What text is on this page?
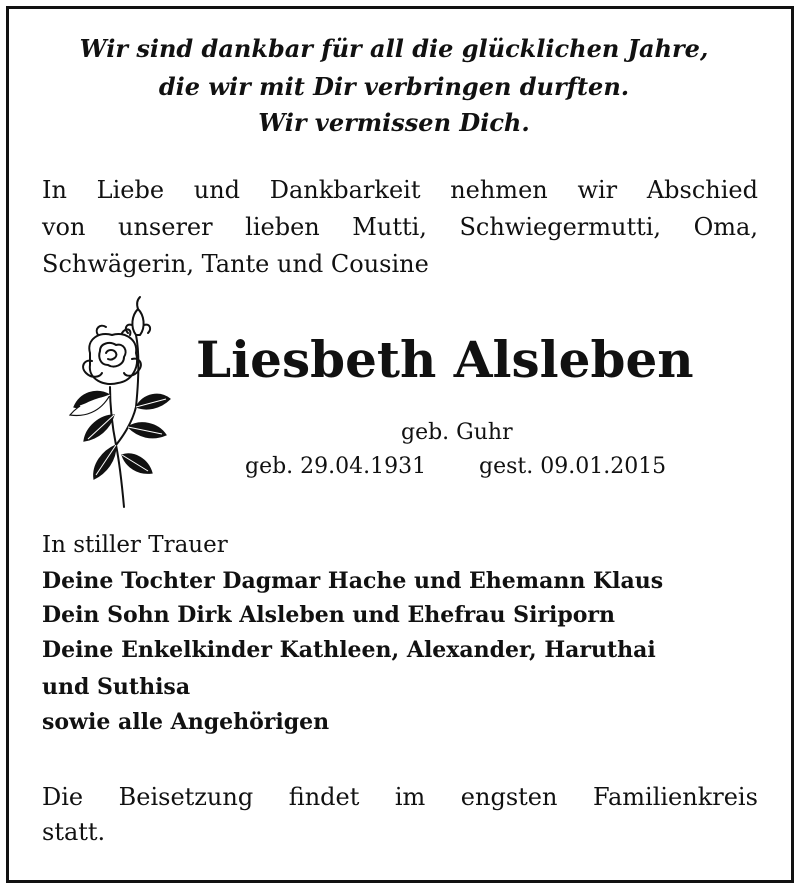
Wir sind dankbar für all die glücklichen Jahre,
die wir mit Dir verbringen durften.
Wir vermissen Dich.
In Liebe und Dankbarkeit nehmen wir Abschied
von unserer lieben Mutti, Schwiegermutti, Oma,
Schwägerin, Tante und Cousine
Liesbeth Alsleben
geb. Guhr
geb. 29.04.1931 gest. 09.01.2015
In stiller Trauer
Deine Tochter Dagmar Hache und Ehemann Klaus
Dein Sohn Dirk Alsleben und Ehefrau Siriporn
Deine Enkelkinder Kathleen, Alexander, Haruthai
und Suthisa
sowie alle Angehörigen
Die Beisetzung findet im engsten Familienkreis
statt.
